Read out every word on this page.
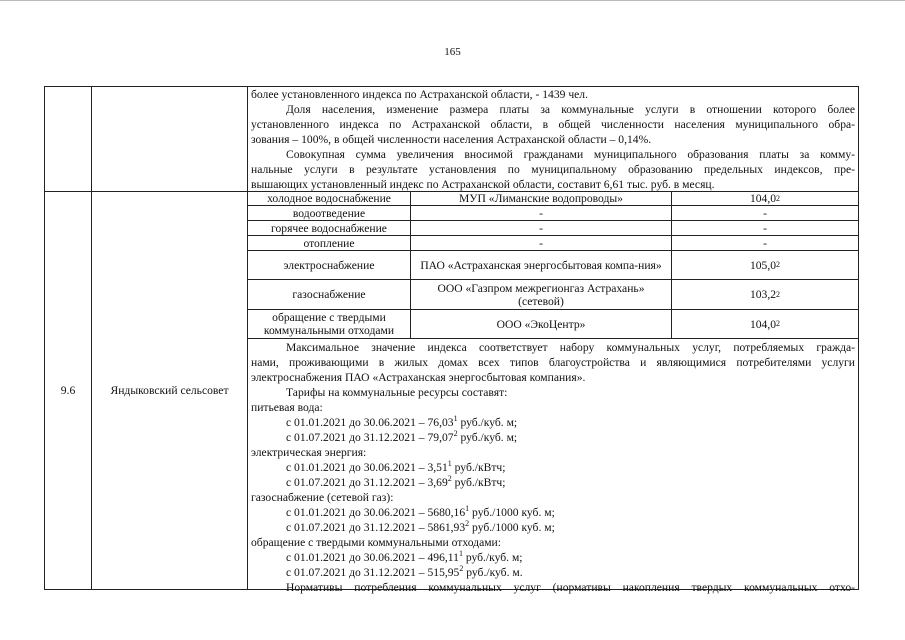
165
более установленного индекса по Астраханской области, - 1439 чел.
Доля населения, изменение размера платы за коммунальные услуги в отношении которого более
установленного индекса по Астраханской области, в общей численности населения муниципального обра-
зования – 100%, в общей численности населения Астраханской области – 0,14%.
Совокупная сумма увеличения вносимой гражданами муниципального образования платы за комму-
нальные услуги в результате установления по муниципальному образованию предельных индексов, пре-
вышающих установленный индекс по Астраханской области, составит 6,61 тыс. руб. в месяц.
9.6	Яндыковский сельсовет
холодное водоснабжение	МУП «Лиманские водопроводы»	104,0 2
водоотведение	-	-
горячее водоснабжение	-	-
отопление	-	-
электроснабжение	ПАО «Астраханская энергосбытовая компа-ния»	105,0 2
газоснабжение	ООО «Газпром межрегионгаз Астрахань» (сетевой)	103,2 2
обращение с твердыми коммунальными отходами	ООО «ЭкоЦентр»	104,0 2
Максимальное значение индекса соответствует набору коммунальных услуг, потребляемых гражда-
нами, проживающими в жилых домах всех типов благоустройства и являющимися потребителями услуги
электроснабжения ПАО «Астраханская энергосбытовая компания».
Тарифы на коммунальные ресурсы составят:
питьевая вода:
с 01.01.2021 до 30.06.2021 – 76,03$^1$ руб./куб. м;
с 01.07.2021 до 31.12.2021 – 79,07$^2$ руб./куб. м;
электрическая энергия:
с 01.01.2021 до 30.06.2021 – 3,51$^1$ руб./кВтч;
с 01.07.2021 до 31.12.2021 – 3,69$^2$ руб./кВтч;
газоснабжение (сетевой газ):
с 01.01.2021 до 30.06.2021 – 5680,16$^1$ руб./1000 куб. м;
с 01.07.2021 до 31.12.2021 – 5861,93$^2$ руб./1000 куб. м;
обращение с твердыми коммунальными отходами:
с 01.01.2021 до 30.06.2021 – 496,11$^1$ руб./куб. м;
с 01.07.2021 до 31.12.2021 – 515,95$^2$ руб./куб. м.
Нормативы потребления коммунальных услуг (нормативы накопления твердых коммунальных отхо-
